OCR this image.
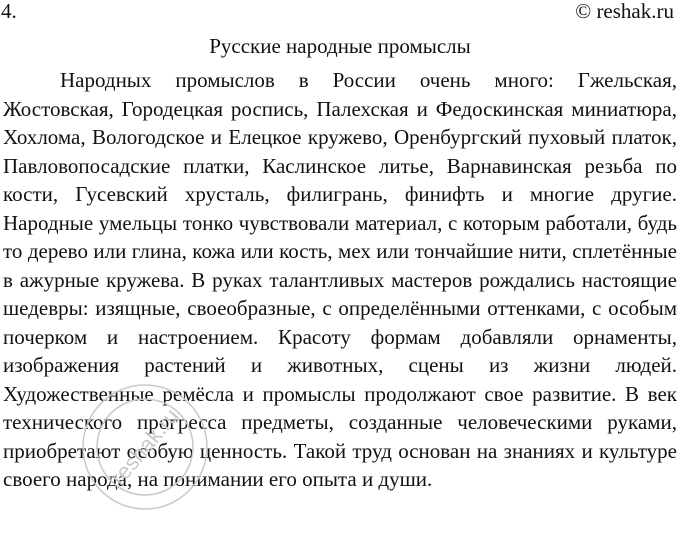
4.	© reshak.ru
Русские народные промыслы

Народных промыслов в России очень много: Гжельская, Жостовская, Городецкая роспись, Палехская и Федоскинская миниатюра, Хохлома, Вологодское и Елецкое кружево, Оренбургский пуховый платок, Павловопосадские платки, Каслинское литье, Варнавинская резьба по кости, Гусевский хрусталь, филигрань, финифть и многие другие. Народные умельцы тонко чувствовали материал, с которым работали, будь то дерево или глина, кожа или кость, мех или тончайшие нити, сплетённые в ажурные кружева. В руках талантливых мастеров рождались настоящие шедевры: изящные, своеобразные, с определёнными оттенками, с особым почерком и настроением. Красоту формам добавляли орнаменты, изображения растений и животных, сцены из жизни людей. Художественные ремёсла и промыслы продолжают свое развитие. В век технического прогресса предметы, созданные человеческими руками, приобретают особую ценность. Такой труд основан на знаниях и культуре своего народа, на понимании его опыта и души.

reshak.ru
